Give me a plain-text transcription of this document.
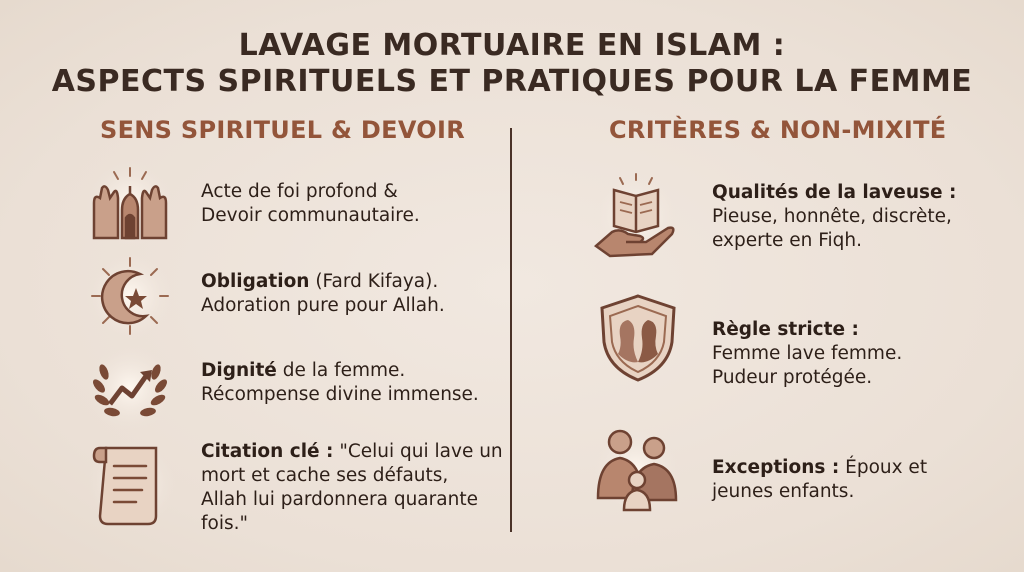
LAVAGE MORTUAIRE EN ISLAM :
ASPECTS SPIRITUELS ET PRATIQUES POUR LA FEMME
SENS SPIRITUEL & DEVOIR	CRITÈRES & NON-MIXITÉ
Acte de foi profond &
Devoir communautaire.
Obligation (Fard Kifaya).
Adoration pure pour Allah.
Dignité de la femme.
Récompense divine immense.
Citation clé : "Celui qui lave un
mort et cache ses défauts,
Allah lui pardonnera quarante
fois."
Qualités de la laveuse :
Pieuse, honnête, discrète,
experte en Fiqh.
Règle stricte :
Femme lave femme.
Pudeur protégée.
Exceptions : Époux et
jeunes enfants.
